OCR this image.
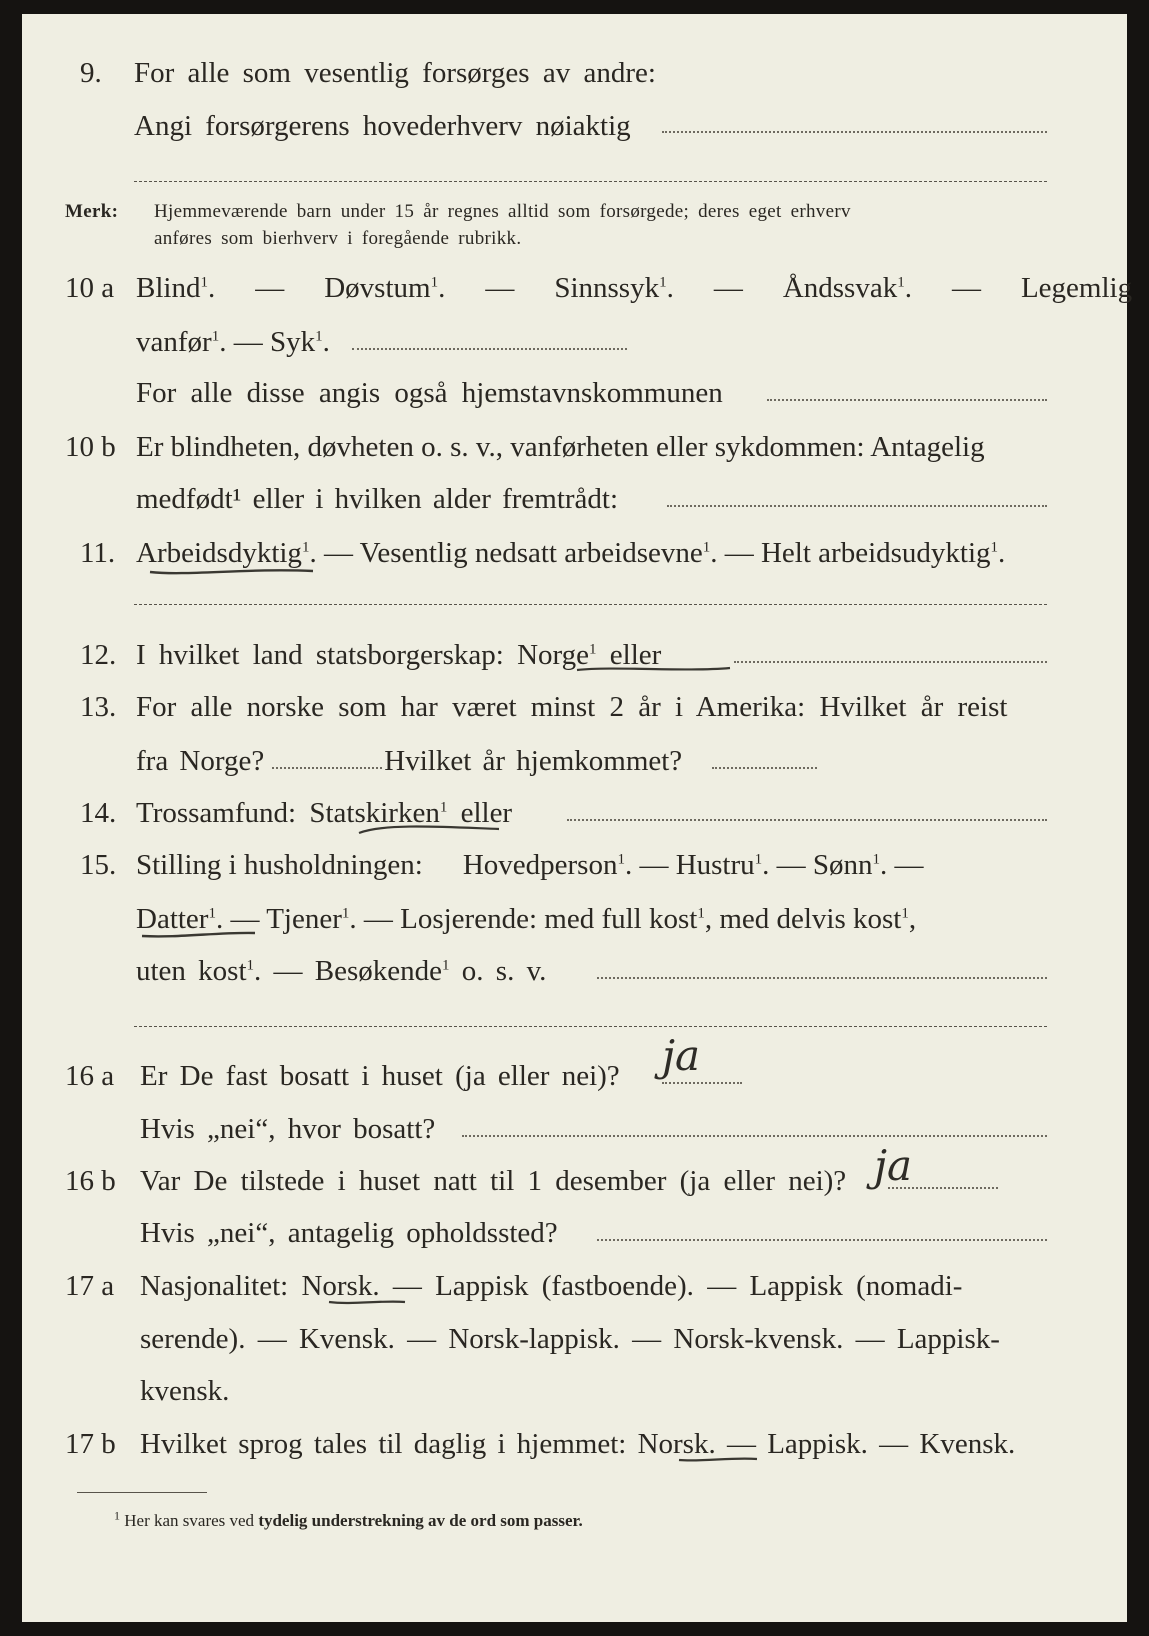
9. For alle som vesentlig forsørges av andre:
Angi forsørgerens hovederhverv nøiaktig
Merk: Hjemmeværende barn under 15 år regnes alltid som forsørgede; deres eget erhverv
anføres som bierhverv i foregående rubrikk.
10 a Blind$^1$. — Døvstum$^1$. — Sinnssyk$^1$. — Åndssvak$^1$. — Legemlig
vanfør$^1$. — Syk$^1$.
For alle disse angis også hjemstavnskommunen
10 b Er blindheten, døvheten o. s. v., vanførheten eller sykdommen: Antagelig
medfødt¹ eller i hvilken alder fremtrådt:
11. Arbeidsdyktig$^1$. — Vesentlig nedsatt arbeidsevne$^1$. — Helt arbeidsudyktig$^1$.
12. I hvilket land statsborgerskap: Norge$^1$ eller
13. For alle norske som har været minst 2 år i Amerika: Hvilket år reist
fra Norge?	Hvilket år hjemkommet?
14. Trossamfund: Statskirken$^1$ eller
15. Stilling i husholdningen: Hovedperson$^1$. — Hustru$^1$. — Sønn$^1$. —
Datter$^1$. — Tjener$^1$. — Losjerende: med full kost$^1$, med delvis kost$^1$,
uten kost$^1$. — Besøkende$^1$ o. s. v.
16 a Er De fast bosatt i huset (ja eller nei)? ja
Hvis „nei“, hvor bosatt?
16 b Var De tilstede i huset natt til 1 desember (ja eller nei)? ja
Hvis „nei“, antagelig opholdssted?
17 a Nasjonalitet: Norsk. — Lappisk (fastboende). — Lappisk (nomadi-
serende). — Kvensk. — Norsk-lappisk. — Norsk-kvensk. — Lappisk-
kvensk.
17 b Hvilket sprog tales til daglig i hjemmet: Norsk. — Lappisk. — Kvensk.
$^1$ Her kan svares ved tydelig understrekning av de ord som passer.
